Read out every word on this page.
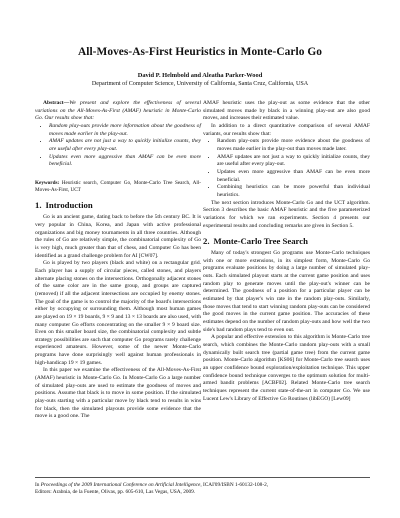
All-Moves-As-First Heuristics in Monte-Carlo Go
David P. Helmbold and Aleatha Parker-Wood
Department of Computer Science, University of California, Santa Cruz, California, USA

Abstract—We present and explore the effectiveness of several variations on the All-Moves-As-First (AMAF) heuristic in Monte-Carlo Go. Our results show that:

• Random play-outs provide more information about the goodness of moves made earlier in the play-out.
• AMAF updates are not just a way to quickly initialize counts, they are useful after every play-out.
• Updates even more aggressive than AMAF can be even more beneficial.

Keywords: Heuristic search, Computer Go, Monte-Carlo Tree Search, All-Moves-As-First, UCT

1. Introduction

Go is an ancient game, dating back to before the 5th century BC. It is very popular in China, Korea, and Japan with active professional organizations and big money tournaments in all three countries. Although the rules of Go are relatively simple, the combinatorial complexity of Go is very high, much greater than that of chess, and Computer Go has been identified as a grand challenge problem for AI [CW07].

Go is played by two players (black and white) on a rectangular grid. Each player has a supply of circular pieces, called stones, and players alternate placing stones on the intersections. Orthogonally adjacent stones of the same color are in the same group, and groups are captured (removed) if all the adjacent intersections are occupied by enemy stones. The goal of the game is to control the majority of the board's intersections either by occupying or surrounding them. Although most human games are played on 19 × 19 boards, 9 × 9 and 13 × 13 boards are also used, with many computer Go efforts concentrating on the smaller 9 × 9 board size. Even on this smaller board size, the combinatorial complexity and subtle strategy possibilities are such that computer Go programs rarely challenge experienced amateurs. However, some of the newer Monte-Carlo programs have done surprisingly well against human professionals in high-handicap 19 × 19 games.

In this paper we examine the effectiveness of the All-Moves-As-First (AMAF) heuristic in Monte-Carlo Go. In Monte-Carlo Go a large number of simulated play-outs are used to estimate the goodness of moves and positions. Assume that black is to move in some position. If the simulated play-outs starting with a particular move by black tend to results in wins for black, then the simulated playouts provide some evidence that the move is a good one. The

AMAF heuristic uses the play-out as some evidence that the other simulated moves made by black in a winning play-out are also good moves, and increases their estimated value.

In addition to a direct quantitative comparison of several AMAF variants, our results show that:

• Random play-outs provide more evidence about the goodness of moves made earlier in the play-out than moves made later.
• AMAF updates are not just a way to quickly initialize counts, they are useful after every play-out.
• Updates even more aggressive than AMAF can be even more beneficial.
• Combining heuristics can be more powerful than individual heuristics.

The next section introduces Monte-Carlo Go and the UCT algorithm. Section 3 describes the basic AMAF heuristic and the five parameterized variations for which we ran experiments. Section 4 presents our experimental results and concluding remarks are given in Section 5.

2. Monte-Carlo Tree Search

Many of today's strongest Go programs use Monte-Carlo techniques with one or more extensions, in its simplest form, Monte-Carlo Go programs evaluate positions by doing a large number of simulated play-outs. Each simulated playout starts at the current game position and uses random play to generate moves until the play-out's winner can be determined. The goodness of a position for a particular player can be estimated by that player's win rate in the random play-outs. Similarly, those moves that tend to start winning random play-outs can be considered the good moves in the current game position. The accuracies of these estimates depend on the number of random play-outs and how well the two side's bad random plays tend to even out.

A popular and effective extension to this algorithm is Monte-Carlo tree search, which combines the Monte-Carlo random play-outs with a small dynamically built search tree (partial game tree) from the current game position. Monte-Carlo algorithm [KS06] for Monte-Carlo tree search uses an upper confidence bound exploration/exploitation technique. This upper confidence bound technique converges to the optimum solution for multi-armed bandit problems [ACBF02]. Related Monte-Carlo tree search techniques represent the current state-of-the-art in computer Go. We use Lucent Lew's Library of Effective Go Routines (libEGO) [Lew09]

In Proceedings of the 2009 International Conference on Artificial Intelligence, ICAI'09/ISBN 1-60132-108-2,
Editors: Arabnia, de la Fuente, Olivas, pp. 605-610, Las Vegas, USA, 2009.
